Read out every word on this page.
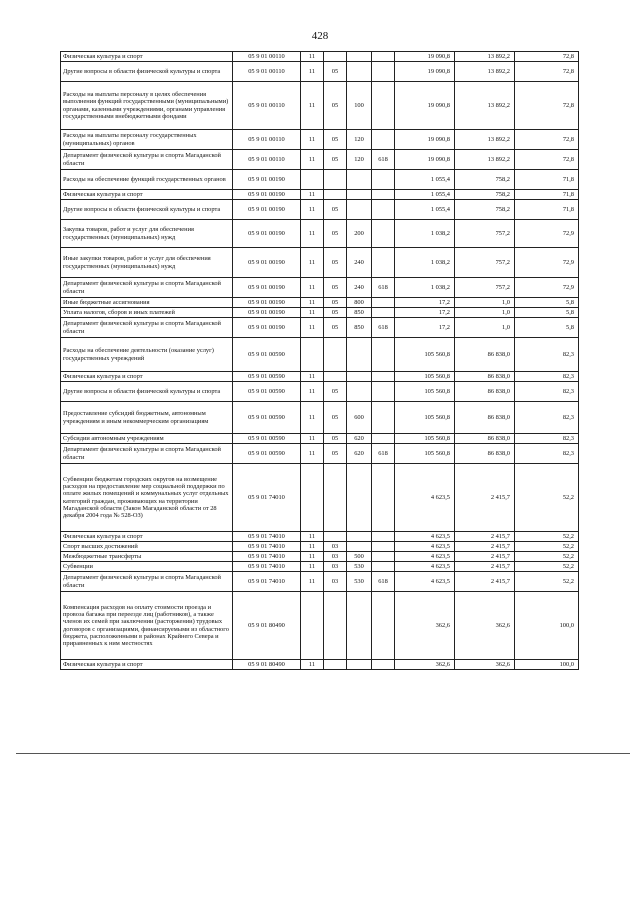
428
Физическая культура и спорт	05 9 01 00110	11				19 090,8	13 892,2	72,8
Другие вопросы в области физической культуры и спорта	05 9 01 00110	11	05			19 090,8	13 892,2	72,8
Расходы на выплаты персоналу в целях обеспечения выполнения функций государственными (муниципальными) органами, казенными учреждениями, органами управления государственными внебюджетными фондами	05 9 01 00110	11	05	100		19 090,8	13 892,2	72,8
Расходы на выплаты персоналу государственных (муниципальных) органов	05 9 01 00110	11	05	120		19 090,8	13 892,2	72,8
Департамент физической культуры и спорта Магаданской области	05 9 01 00110	11	05	120	618	19 090,8	13 892,2	72,8
Расходы на обеспечение функций государственных органов	05 9 01 00190					1 055,4	758,2	71,8
Физическая культура и спорт	05 9 01 00190	11				1 055,4	758,2	71,8
Другие вопросы в области физической культуры и спорта	05 9 01 00190	11	05			1 055,4	758,2	71,8
Закупка товаров, работ и услуг для обеспечения государственных (муниципальных) нужд	05 9 01 00190	11	05	200		1 038,2	757,2	72,9
Иные закупки товаров, работ и услуг для обеспечения государственных (муниципальных) нужд	05 9 01 00190	11	05	240		1 038,2	757,2	72,9
Департамент физической культуры и спорта Магаданской области	05 9 01 00190	11	05	240	618	1 038,2	757,2	72,9
Иные бюджетные ассигнования	05 9 01 00190	11	05	800		17,2	1,0	5,8
Уплата налогов, сборов и иных платежей	05 9 01 00190	11	05	850		17,2	1,0	5,8
Департамент физической культуры и спорта Магаданской области	05 9 01 00190	11	05	850	618	17,2	1,0	5,8
Расходы на обеспечение деятельности (оказание услуг) государственных учреждений	05 9 01 00590					105 560,8	86 838,0	82,3
Физическая культура и спорт	05 9 01 00590	11				105 560,8	86 838,0	82,3
Другие вопросы в области физической культуры и спорта	05 9 01 00590	11	05			105 560,8	86 838,0	82,3
Предоставление субсидий бюджетным, автономным учреждениям и иным некоммерческим организациям	05 9 01 00590	11	05	600		105 560,8	86 838,0	82,3
Субсидии автономным учреждениям	05 9 01 00590	11	05	620		105 560,8	86 838,0	82,3
Департамент физической культуры и спорта Магаданской области	05 9 01 00590	11	05	620	618	105 560,8	86 838,0	82,3
Субвенции бюджетам городских округов на возмещение расходов на предоставление мер социальной поддержки по оплате жилых помещений и коммунальных услуг отдельных категорий граждан, проживающих на территории Магаданской области (Закон Магаданской области от 28 декабря 2004 года № 528-ОЗ)	05 9 01 74010					4 623,5	2 415,7	52,2
Физическая культура и спорт	05 9 01 74010	11				4 623,5	2 415,7	52,2
Спорт высших достижений	05 9 01 74010	11	03			4 623,5	2 415,7	52,2
Межбюджетные трансферты	05 9 01 74010	11	03	500		4 623,5	2 415,7	52,2
Субвенции	05 9 01 74010	11	03	530		4 623,5	2 415,7	52,2
Департамент физической культуры и спорта Магаданской области	05 9 01 74010	11	03	530	618	4 623,5	2 415,7	52,2
Компенсация расходов на оплату стоимости проезда и провоза багажа при переезде лиц (работников), а также членов их семей при заключении (расторжении) трудовых договоров с организациями, финансируемыми из областного бюджета, расположенными в районах Крайнего Севера и приравненных к ним местностях	05 9 01 80490					362,6	362,6	100,0
Физическая культура и спорт	05 9 01 80490	11				362,6	362,6	100,0
